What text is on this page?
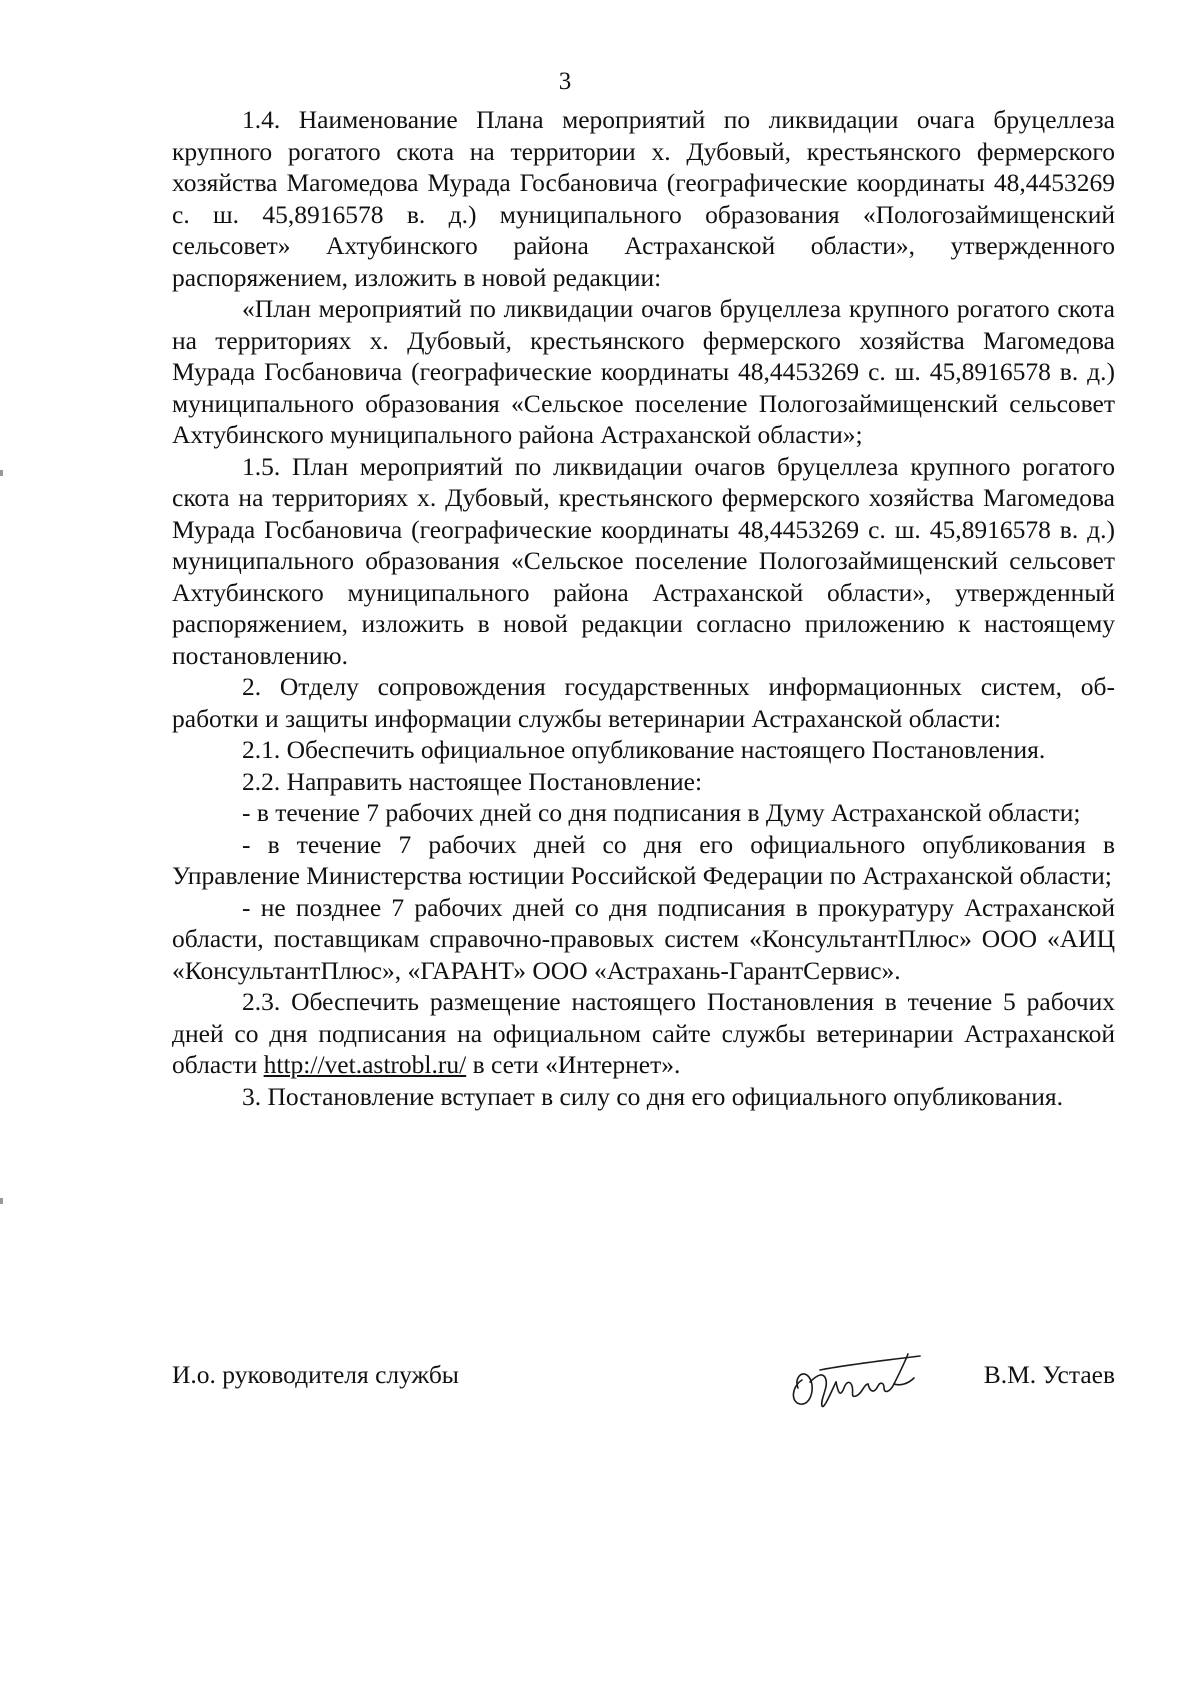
3

1.4. Наименование Плана мероприятий по ликвидации очага бруцеллеза крупного рогатого скота на территории х. Дубовый, крестьянского фермерского хозяйства Магомедова Мурада Госбановича (географические координаты 48,4453269 с. ш. 45,8916578 в. д.) муниципального образования «Пологозаймищенский сельсовет» Ахтубинского района Астраханской области», утвержденного распоряжением, изложить в новой редакции:

«План мероприятий по ликвидации очагов бруцеллеза крупного рогатого скота на территориях х. Дубовый, крестьянского фермерского хозяйства Магомедова Мурада Госбановича (географические координаты 48,4453269 с. ш. 45,8916578 в. д.) муниципального образования «Сельское поселение Пологозаймищенский сельсовет Ахтубинского муниципального района Астраханской области»;

1.5. План мероприятий по ликвидации очагов бруцеллеза крупного рогатого скота на территориях х. Дубовый, крестьянского фермерского хозяйства Магомедова Мурада Госбановича (географические координаты 48,4453269 с. ш. 45,8916578 в. д.) муниципального образования «Сельское поселение Пологозаймищенский сельсовет Ахтубинского муниципального района Астраханской области», утвержденный распоряжением, изложить в новой редакции согласно приложению к настоящему постановлению.

2. Отделу сопровождения государственных информационных систем, обработки и защиты информации службы ветеринарии Астраханской области:

2.1. Обеспечить официальное опубликование настоящего Постановления.

2.2. Направить настоящее Постановление:

- в течение 7 рабочих дней со дня подписания в Думу Астраханской области;

- в течение 7 рабочих дней со дня его официального опубликования в Управление Министерства юстиции Российской Федерации по Астраханской области;

- не позднее 7 рабочих дней со дня подписания в прокуратуру Астраханской области, поставщикам справочно-правовых систем «КонсультантПлюс» ООО «АИЦ «КонсультантПлюс», «ГАРАНТ» ООО «Астрахань-ГарантСервис».

2.3. Обеспечить размещение настоящего Постановления в течение 5 рабочих дней со дня подписания на официальном сайте службы ветеринарии Астраханской области http://vet.astrobl.ru/ в сети «Интернет».

3. Постановление вступает в силу со дня его официального опубликования.

И.о. руководителя службы	В.М. Устаев
